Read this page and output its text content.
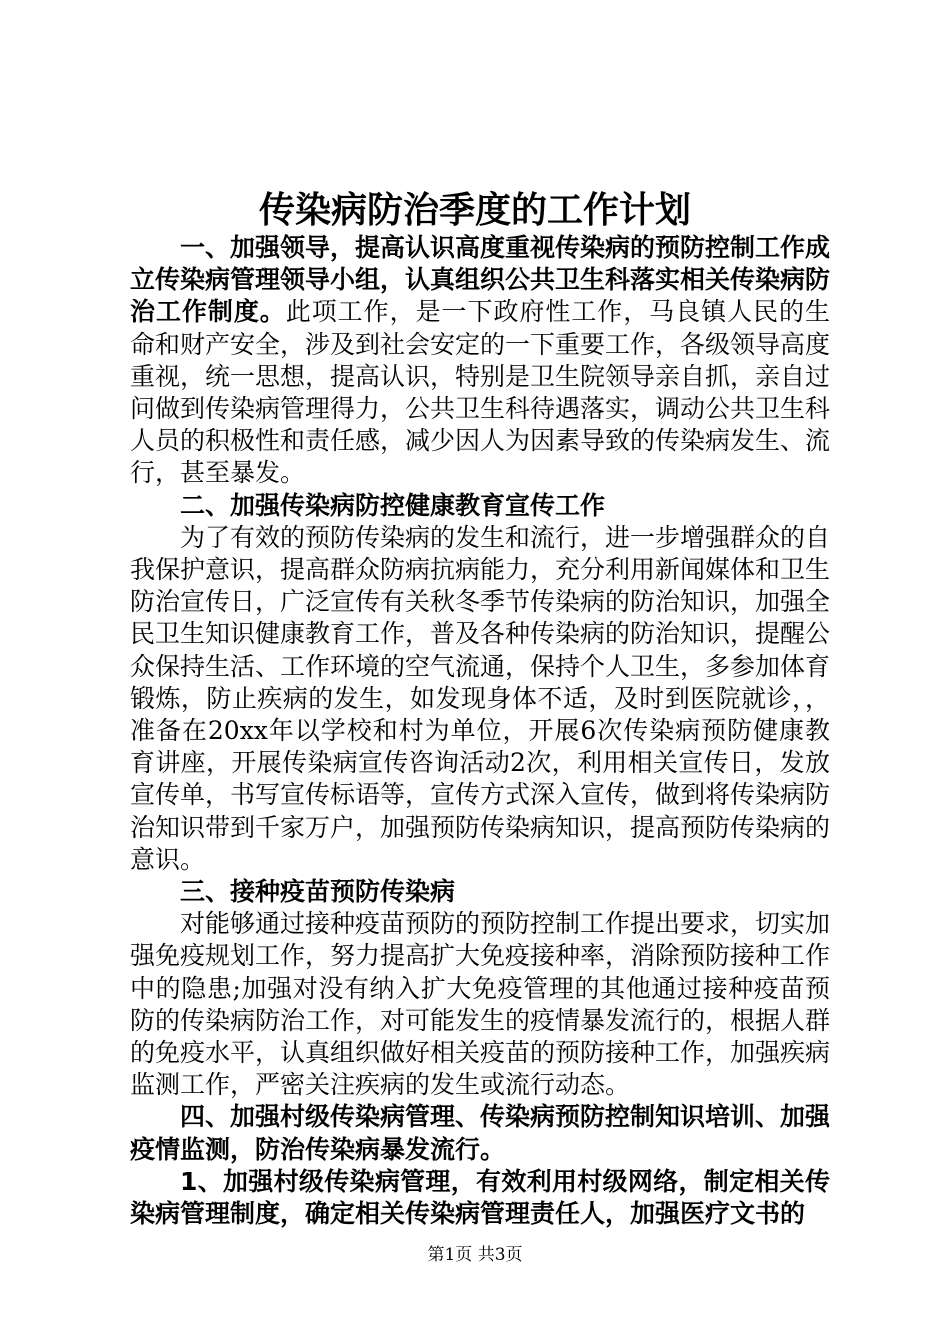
传染病防治季度的工作计划

一、加强领导，提高认识高度重视传染病的预防控制工作成立传染病管理领导小组，认真组织公共卫生科落实相关传染病防治工作制度。此项工作，是一下政府性工作，马良镇人民的生命和财产安全，涉及到社会安定的一下重要工作，各级领导高度重视，统一思想，提高认识，特别是卫生院领导亲自抓，亲自过问做到传染病管理得力，公共卫生科待遇落实，调动公共卫生科人员的积极性和责任感，减少因人为因素导致的传染病发生、流行，甚至暴发。

二、加强传染病防控健康教育宣传工作

为了有效的预防传染病的发生和流行，进一步增强群众的自我保护意识，提高群众防病抗病能力，充分利用新闻媒体和卫生防治宣传日，广泛宣传有关秋冬季节传染病的防治知识，加强全民卫生知识健康教育工作，普及各种传染病的防治知识，提醒公众保持生活、工作环境的空气流通，保持个人卫生，多参加体育锻炼，防止疾病的发生，如发现身体不适，及时到医院就诊，，准备在20xx年以学校和村为单位，开展6次传染病预防健康教育讲座，开展传染病宣传咨询活动2次，利用相关宣传日，发放宣传单，书写宣传标语等，宣传方式深入宣传，做到将传染病防治知识带到千家万户，加强预防传染病知识，提高预防传染病的意识。

三、接种疫苗预防传染病

对能够通过接种疫苗预防的预防控制工作提出要求，切实加强免疫规划工作，努力提高扩大免疫接种率，消除预防接种工作中的隐患;加强对没有纳入扩大免疫管理的其他通过接种疫苗预防的传染病防治工作，对可能发生的疫情暴发流行的，根据人群的免疫水平，认真组织做好相关疫苗的预防接种工作，加强疾病监测工作，严密关注疾病的发生或流行动态。

四、加强村级传染病管理、传染病预防控制知识培训、加强疫情监测，防治传染病暴发流行。

1、加强村级传染病管理，有效利用村级网络，制定相关传染病管理制度，确定相关传染病管理责任人，加强医疗文书的

第1页 共3页
